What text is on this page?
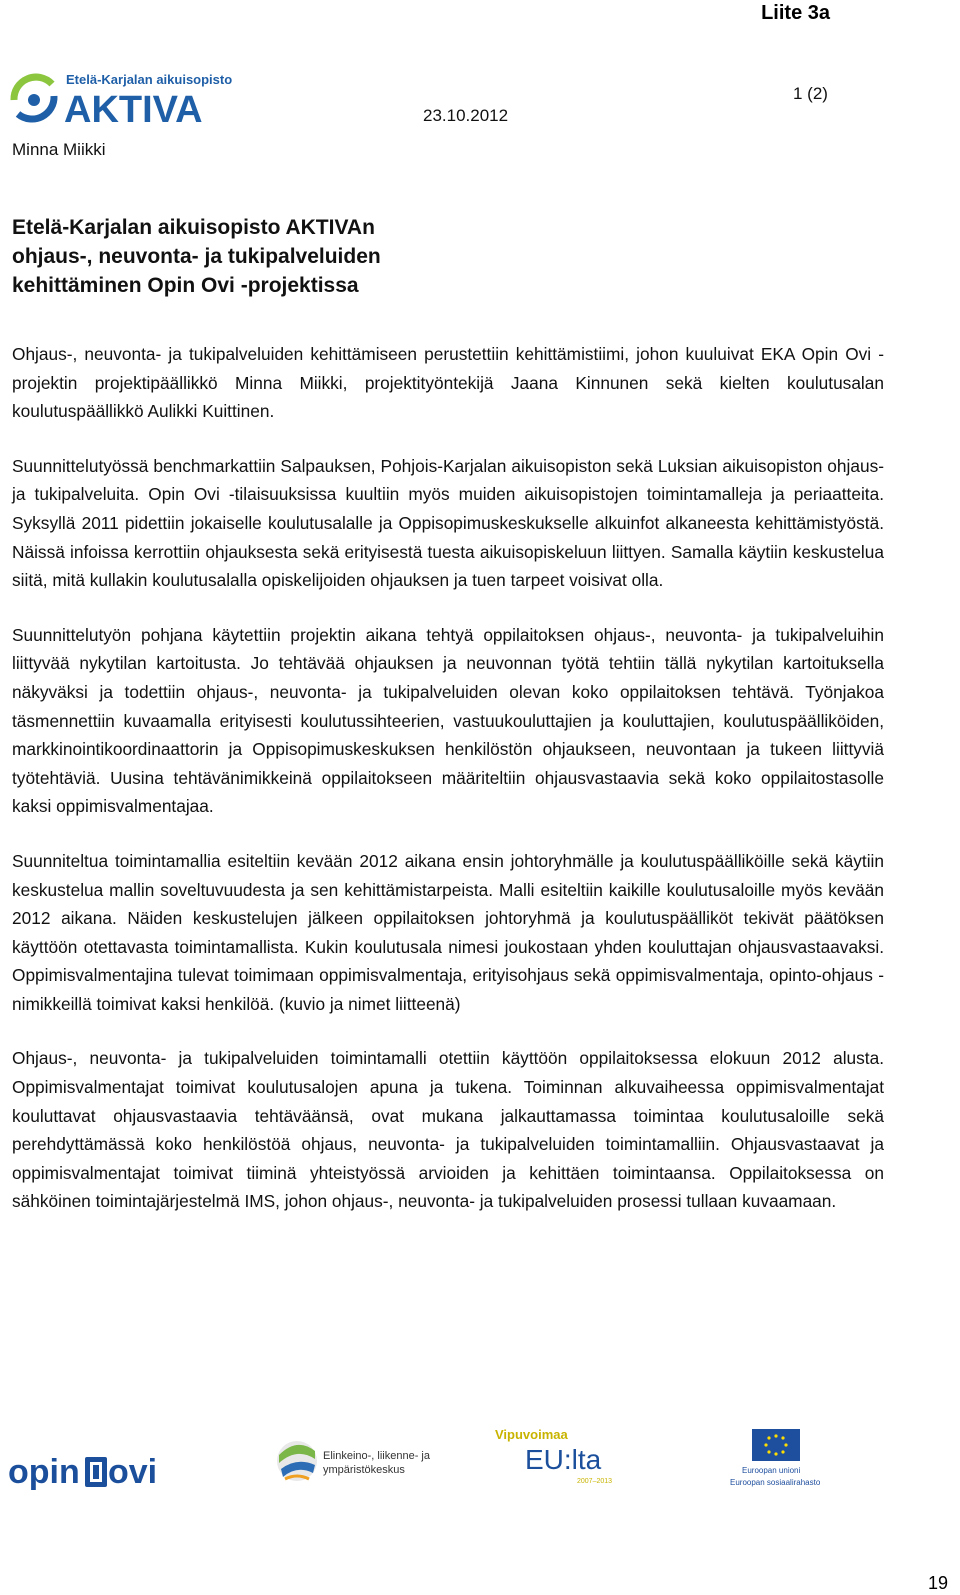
Liite 3a
Etelä-Karjalan aikuisopisto
AKTIVA
Minna Miikki
23.10.2012
1 (2)
Etelä-Karjalan aikuisopisto AKTIVAn
ohjaus-, neuvonta- ja tukipalveluiden
kehittäminen Opin Ovi -projektissa

Ohjaus-, neuvonta- ja tukipalveluiden kehittämiseen perustettiin kehittämistiimi, johon kuuluivat EKA Opin Ovi -projektin projektipäällikkö Minna Miikki, projektityöntekijä Jaana Kinnunen sekä kielten koulutusalan koulutuspäällikkö Aulikki Kuittinen.

Suunnittelutyössä benchmarkattiin Salpauksen, Pohjois-Karjalan aikuisopiston sekä Luksian aikuisopiston ohjaus- ja tukipalveluita. Opin Ovi -tilaisuuksissa kuultiin myös muiden aikuisopistojen toimintamalleja ja periaatteita. Syksyllä 2011 pidettiin jokaiselle koulutusalalle ja Oppisopimuskeskukselle alkuinfot alkaneesta kehittämistyöstä. Näissä infoissa kerrottiin ohjauksesta sekä erityisestä tuesta aikuisopiskeluun liittyen. Samalla käytiin keskustelua siitä, mitä kullakin koulutusalalla opiskelijoiden ohjauksen ja tuen tarpeet voisivat olla.

Suunnittelutyön pohjana käytettiin projektin aikana tehtyä oppilaitoksen ohjaus-, neuvonta- ja tukipalveluihin liittyvää nykytilan kartoitusta. Jo tehtävää ohjauksen ja neuvonnan työtä tehtiin tällä nykytilan kartoituksella näkyväksi ja todettiin ohjaus-, neuvonta- ja tukipalveluiden olevan koko oppilaitoksen tehtävä. Työnjakoa täsmennettiin kuvaamalla erityisesti koulutussihteerien, vastuukouluttajien ja kouluttajien, koulutuspäälliköiden, markkinointikoordinaattorin ja Oppisopimuskeskuksen henkilöstön ohjaukseen, neuvontaan ja tukeen liittyviä työtehtäviä. Uusina tehtävänimikkeinä oppilaitokseen määriteltiin ohjausvastaavia sekä koko oppilaitostasolle kaksi oppimisvalmentajaa.

Suunniteltua toimintamallia esiteltiin kevään 2012 aikana ensin johtoryhmälle ja koulutuspäälliköille sekä käytiin keskustelua mallin soveltuvuudesta ja sen kehittämistarpeista. Malli esiteltiin kaikille koulutusaloille myös kevään 2012 aikana. Näiden keskustelujen jälkeen oppilaitoksen johtoryhmä ja koulutuspäälliköt tekivät päätöksen käyttöön otettavasta toimintamallista. Kukin koulutusala nimesi joukostaan yhden kouluttajan ohjausvastaavaksi. Oppimisvalmentajina tulevat toimimaan oppimisvalmentaja, erityisohjaus sekä oppimisvalmentaja, opinto-ohjaus -nimikkeillä toimivat kaksi henkilöä. (kuvio ja nimet liitteenä)

Ohjaus-, neuvonta- ja tukipalveluiden toimintamalli otettiin käyttöön oppilaitoksessa elokuun 2012 alusta. Oppimisvalmentajat toimivat koulutusalojen apuna ja tukena. Toiminnan alkuvaiheessa oppimisvalmentajat kouluttavat ohjausvastaavia tehtäväänsä, ovat mukana jalkauttamassa toimintaa koulutusaloille sekä perehdyttämässä koko henkilöstöä ohjaus, neuvonta- ja tukipalveluiden toimintamalliin. Ohjausvastaavat ja oppimisvalmentajat toimivat tiiminä yhteistyössä arvioiden ja kehittäen toimintaansa. Oppilaitoksessa on sähköinen toimintajärjestelmä IMS, johon ohjaus-, neuvonta- ja tukipalveluiden prosessi tullaan kuvaamaan.

opin ovi	Elinkeino-, liikenne- ja
ympäristökeskus
Vipuvoimaa
EU:lta
2007–2013
Euroopan unioni
Euroopan sosiaalirahasto
19
